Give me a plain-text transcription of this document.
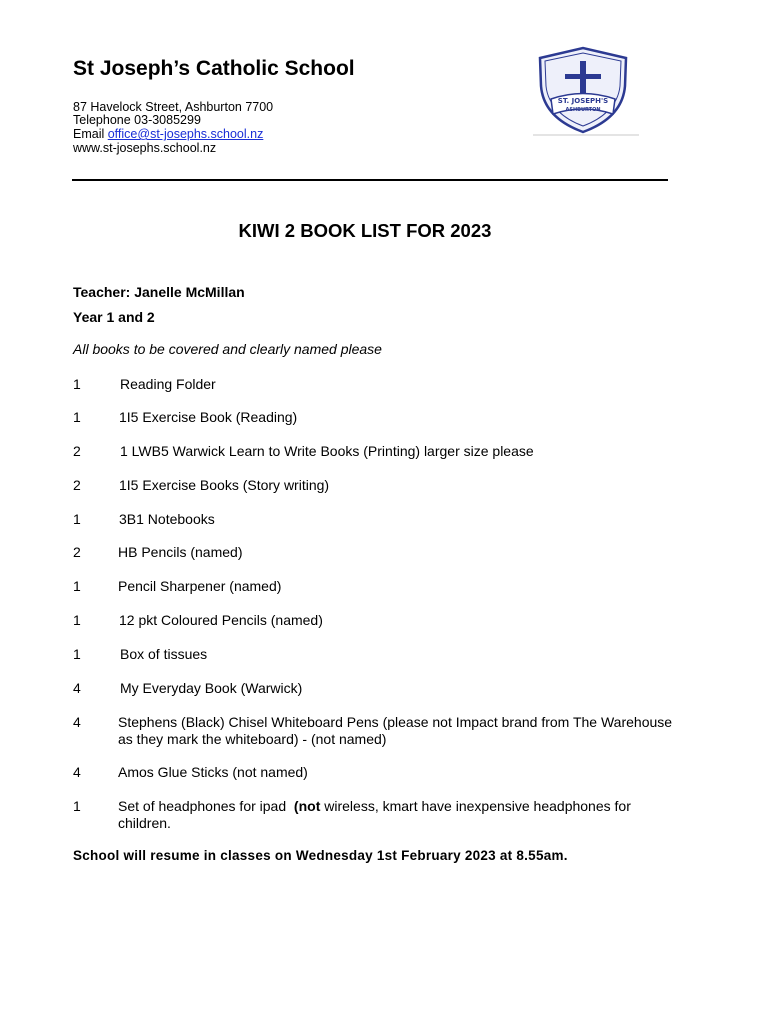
St Joseph’s Catholic School
87 Havelock Street, Ashburton 7700
Telephone 03-3085299
Email office@st-josephs.school.nz
www.st-josephs.school.nz
ST. JOSEPH'S
ASHBURTON
KIWI 2 BOOK LIST FOR 2023
Teacher: Janelle McMillan
Year 1 and 2
All books to be covered and clearly named please
1	Reading Folder
1	1I5 Exercise Book (Reading)
2	1 LWB5 Warwick Learn to Write Books (Printing) larger size please
2	1I5 Exercise Books (Story writing)
1	3B1 Notebooks
2	HB Pencils (named)
1	Pencil Sharpener (named)
1	12 pkt Coloured Pencils (named)
1	Box of tissues
4	My Everyday Book (Warwick)
4	Stephens (Black) Chisel Whiteboard Pens (please not Impact brand from The Warehouse as they mark the whiteboard) - (not named)
4	Amos Glue Sticks (not named)
1	Set of headphones for ipad  (not wireless, kmart have inexpensive headphones for children.
School will resume in classes on Wednesday 1st February 2023 at 8.55am.
